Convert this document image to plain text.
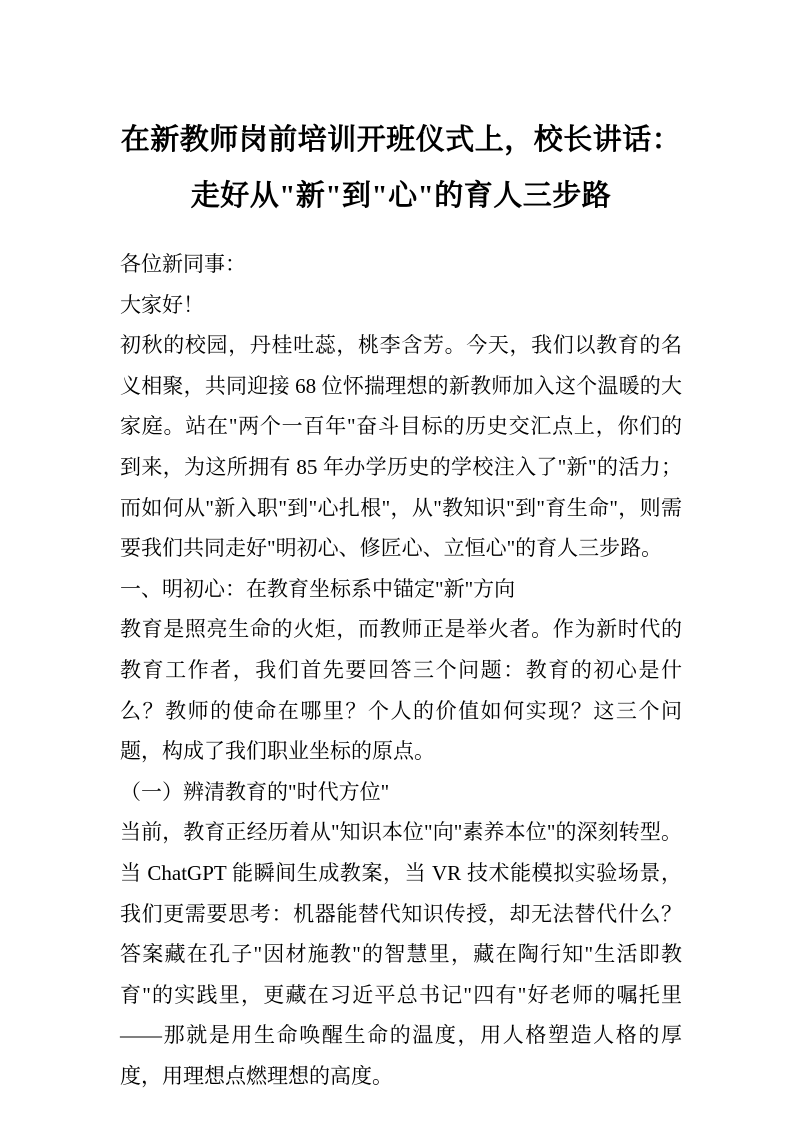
在新教师岗前培训开班仪式上，校长讲话：
走好从"新"到"心"的育人三步路

各位新同事：

大家好！

初秋的校园，丹桂吐蕊，桃李含芳。今天，我们以教育的名义相聚，共同迎接 68 位怀揣理想的新教师加入这个温暖的大家庭。站在"两个一百年"奋斗目标的历史交汇点上，你们的到来，为这所拥有 85 年办学历史的学校注入了"新"的活力；而如何从"新入职"到"心扎根"，从"教知识"到"育生命"，则需要我们共同走好"明初心、修匠心、立恒心"的育人三步路。

一、明初心：在教育坐标系中锚定"新"方向

教育是照亮生命的火炬，而教师正是举火者。作为新时代的教育工作者，我们首先要回答三个问题：教育的初心是什么？教师的使命在哪里？个人的价值如何实现？这三个问题，构成了我们职业坐标的原点。

（一）辨清教育的"时代方位"

当前，教育正经历着从"知识本位"向"素养本位"的深刻转型。当 ChatGPT 能瞬间生成教案，当 VR 技术能模拟实验场景，我们更需要思考：机器能替代知识传授，却无法替代什么？答案藏在孔子"因材施教"的智慧里，藏在陶行知"生活即教育"的实践里，更藏在习近平总书记"四有"好老师的嘱托里——那就是用生命唤醒生命的温度，用人格塑造人格的厚度，用理想点燃理想的高度。
